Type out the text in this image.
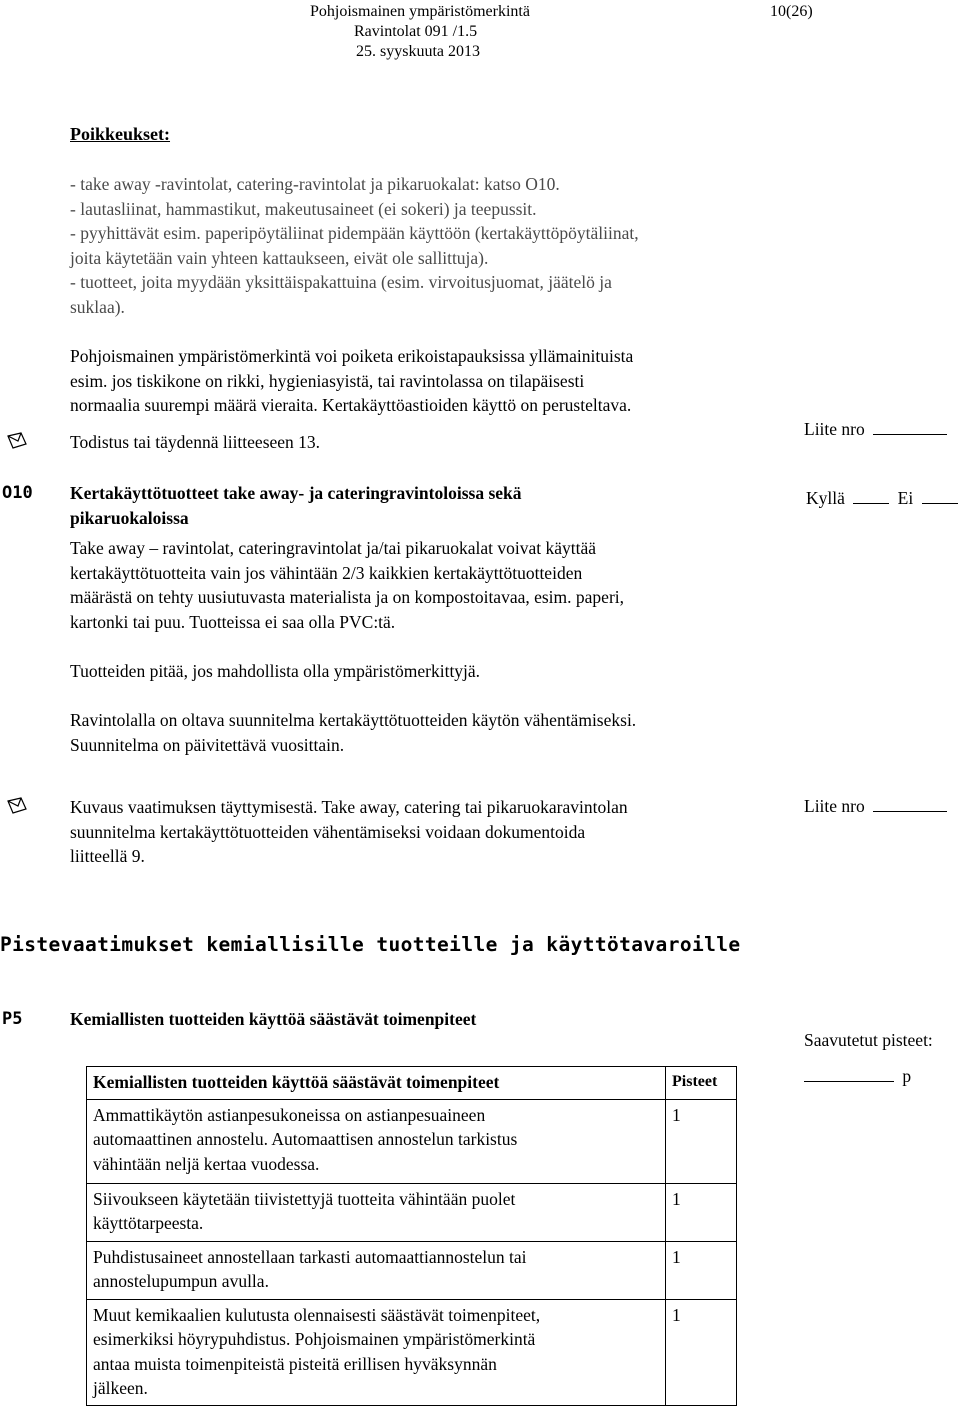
Pohjoismainen ympäristömerkintä	10(26)
Ravintolat 091 /1.5
25. syyskuuta 2013
Poikkeukset:
- take away -ravintolat, catering-ravintolat ja pikaruokalat: katso O10.
- lautasliinat, hammastikut, makeutusaineet (ei sokeri) ja teepussit.
- pyyhittävät esim. paperipöytäliinat pidempään käyttöön (kertakäyttöpöytäliinat,
joita käytetään vain yhteen kattaukseen, eivät ole sallittuja).
- tuotteet, joita myydään yksittäispakattuina (esim. virvoitusjuomat, jäätelö ja
suklaa).
Pohjoismainen ympäristömerkintä voi poiketa erikoistapauksissa yllämainituista
esim. jos tiskikone on rikki, hygieniasyistä, tai ravintolassa on tilapäisesti
normaalia suurempi määrä vieraita. Kertakäyttöastioiden käyttö on perusteltava.
Todistus tai täydennä liitteeseen 13.
Liite nro
O10 Kertakäyttötuotteet take away- ja cateringravintoloissa sekä
pikaruokaloissa
Kyllä	Ei
Take away – ravintolat, cateringravintolat ja/tai pikaruokalat voivat käyttää
kertakäyttötuotteita vain jos vähintään 2/3 kaikkien kertakäyttötuotteiden
määrästä on tehty uusiutuvasta materialista ja on kompostoitavaa, esim. paperi,
kartonki tai puu. Tuotteissa ei saa olla PVC:tä.
Tuotteiden pitää, jos mahdollista olla ympäristömerkittyjä.
Ravintolalla on oltava suunnitelma kertakäyttötuotteiden käytön vähentämiseksi.
Suunnitelma on päivitettävä vuosittain.
Kuvaus vaatimuksen täyttymisestä. Take away, catering tai pikaruokaravintolan
suunnitelma kertakäyttötuotteiden vähentämiseksi voidaan dokumentoida
liitteellä 9.
Liite nro
Pistevaatimukset kemiallisille tuotteille ja käyttötavaroille
P5	Kemiallisten tuotteiden käyttöä säästävät toimenpiteet
Saavutetut pisteet:
p
Kemiallisten tuotteiden käyttöä säästävät toimenpiteet	Pisteet

Ammattikäytön astianpesukoneissa on astianpesuaineen
automaattinen annostelu. Automaattisen annostelun tarkistus
vähintään neljä kertaa vuodessa.	1

Siivoukseen käytetään tiivistettyjä tuotteita vähintään puolet
käyttötarpeesta.	1

Puhdistusaineet annostellaan tarkasti automaattiannostelun tai
annostelupumpun avulla.	1

Muut kemikaalien kulutusta olennaisesti säästävät toimenpiteet,
esimerkiksi höyrypuhdistus. Pohjoismainen ympäristömerkintä
antaa muista toimenpiteistä pisteitä erillisen hyväksynnän
jälkeen.	1
